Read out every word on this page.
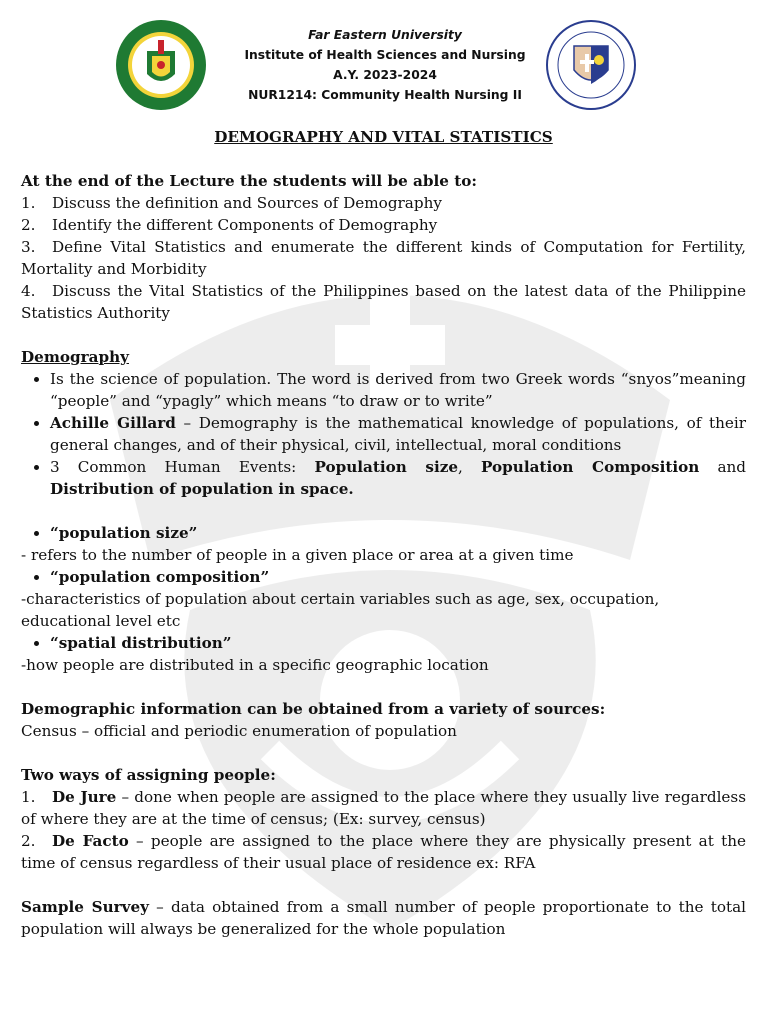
Far Eastern University
Institute of Health Sciences and Nursing
A.Y. 2023-2024
NUR1214: Community Health Nursing II

DEMOGRAPHY AND VITAL STATISTICS

At the end of the Lecture the students will be able to:

1. Discuss the definition and Sources of Demography
2. Identify the different Components of Demography
3. Define Vital Statistics and enumerate the different kinds of Computation for Fertility, Mortality and Morbidity
4. Discuss the Vital Statistics of the Philippines based on the latest data of the Philippine Statistics Authority

Demography

• Is the science of population. The word is derived from two Greek words “snyos”meaning “people” and “ypagly” which means “to draw or to write”
• Achille Gillard – Demography is the mathematical knowledge of populations, of their general changes, and of their physical, civil, intellectual, moral conditions
• 3 Common Human Events: Population size, Population Composition and Distribution of population in space.
• “population size”

- refers to the number of people in a given place or area at a given time

• “population composition”

-characteristics of population about certain variables such as age, sex, occupation, educational level etc

• “spatial distribution”

-how people are distributed in a specific geographic location

Demographic information can be obtained from a variety of sources:

Census – official and periodic enumeration of population

Two ways of assigning people:

1. De Jure – done when people are assigned to the place where they usually live regardless of where they are at the time of census; (Ex: survey, census)
2. De Facto – people are assigned to the place where they are physically present at the time of census regardless of their usual place of residence ex: RFA

Sample Survey – data obtained from a small number of people proportionate to the total population will always be generalized for the whole population
